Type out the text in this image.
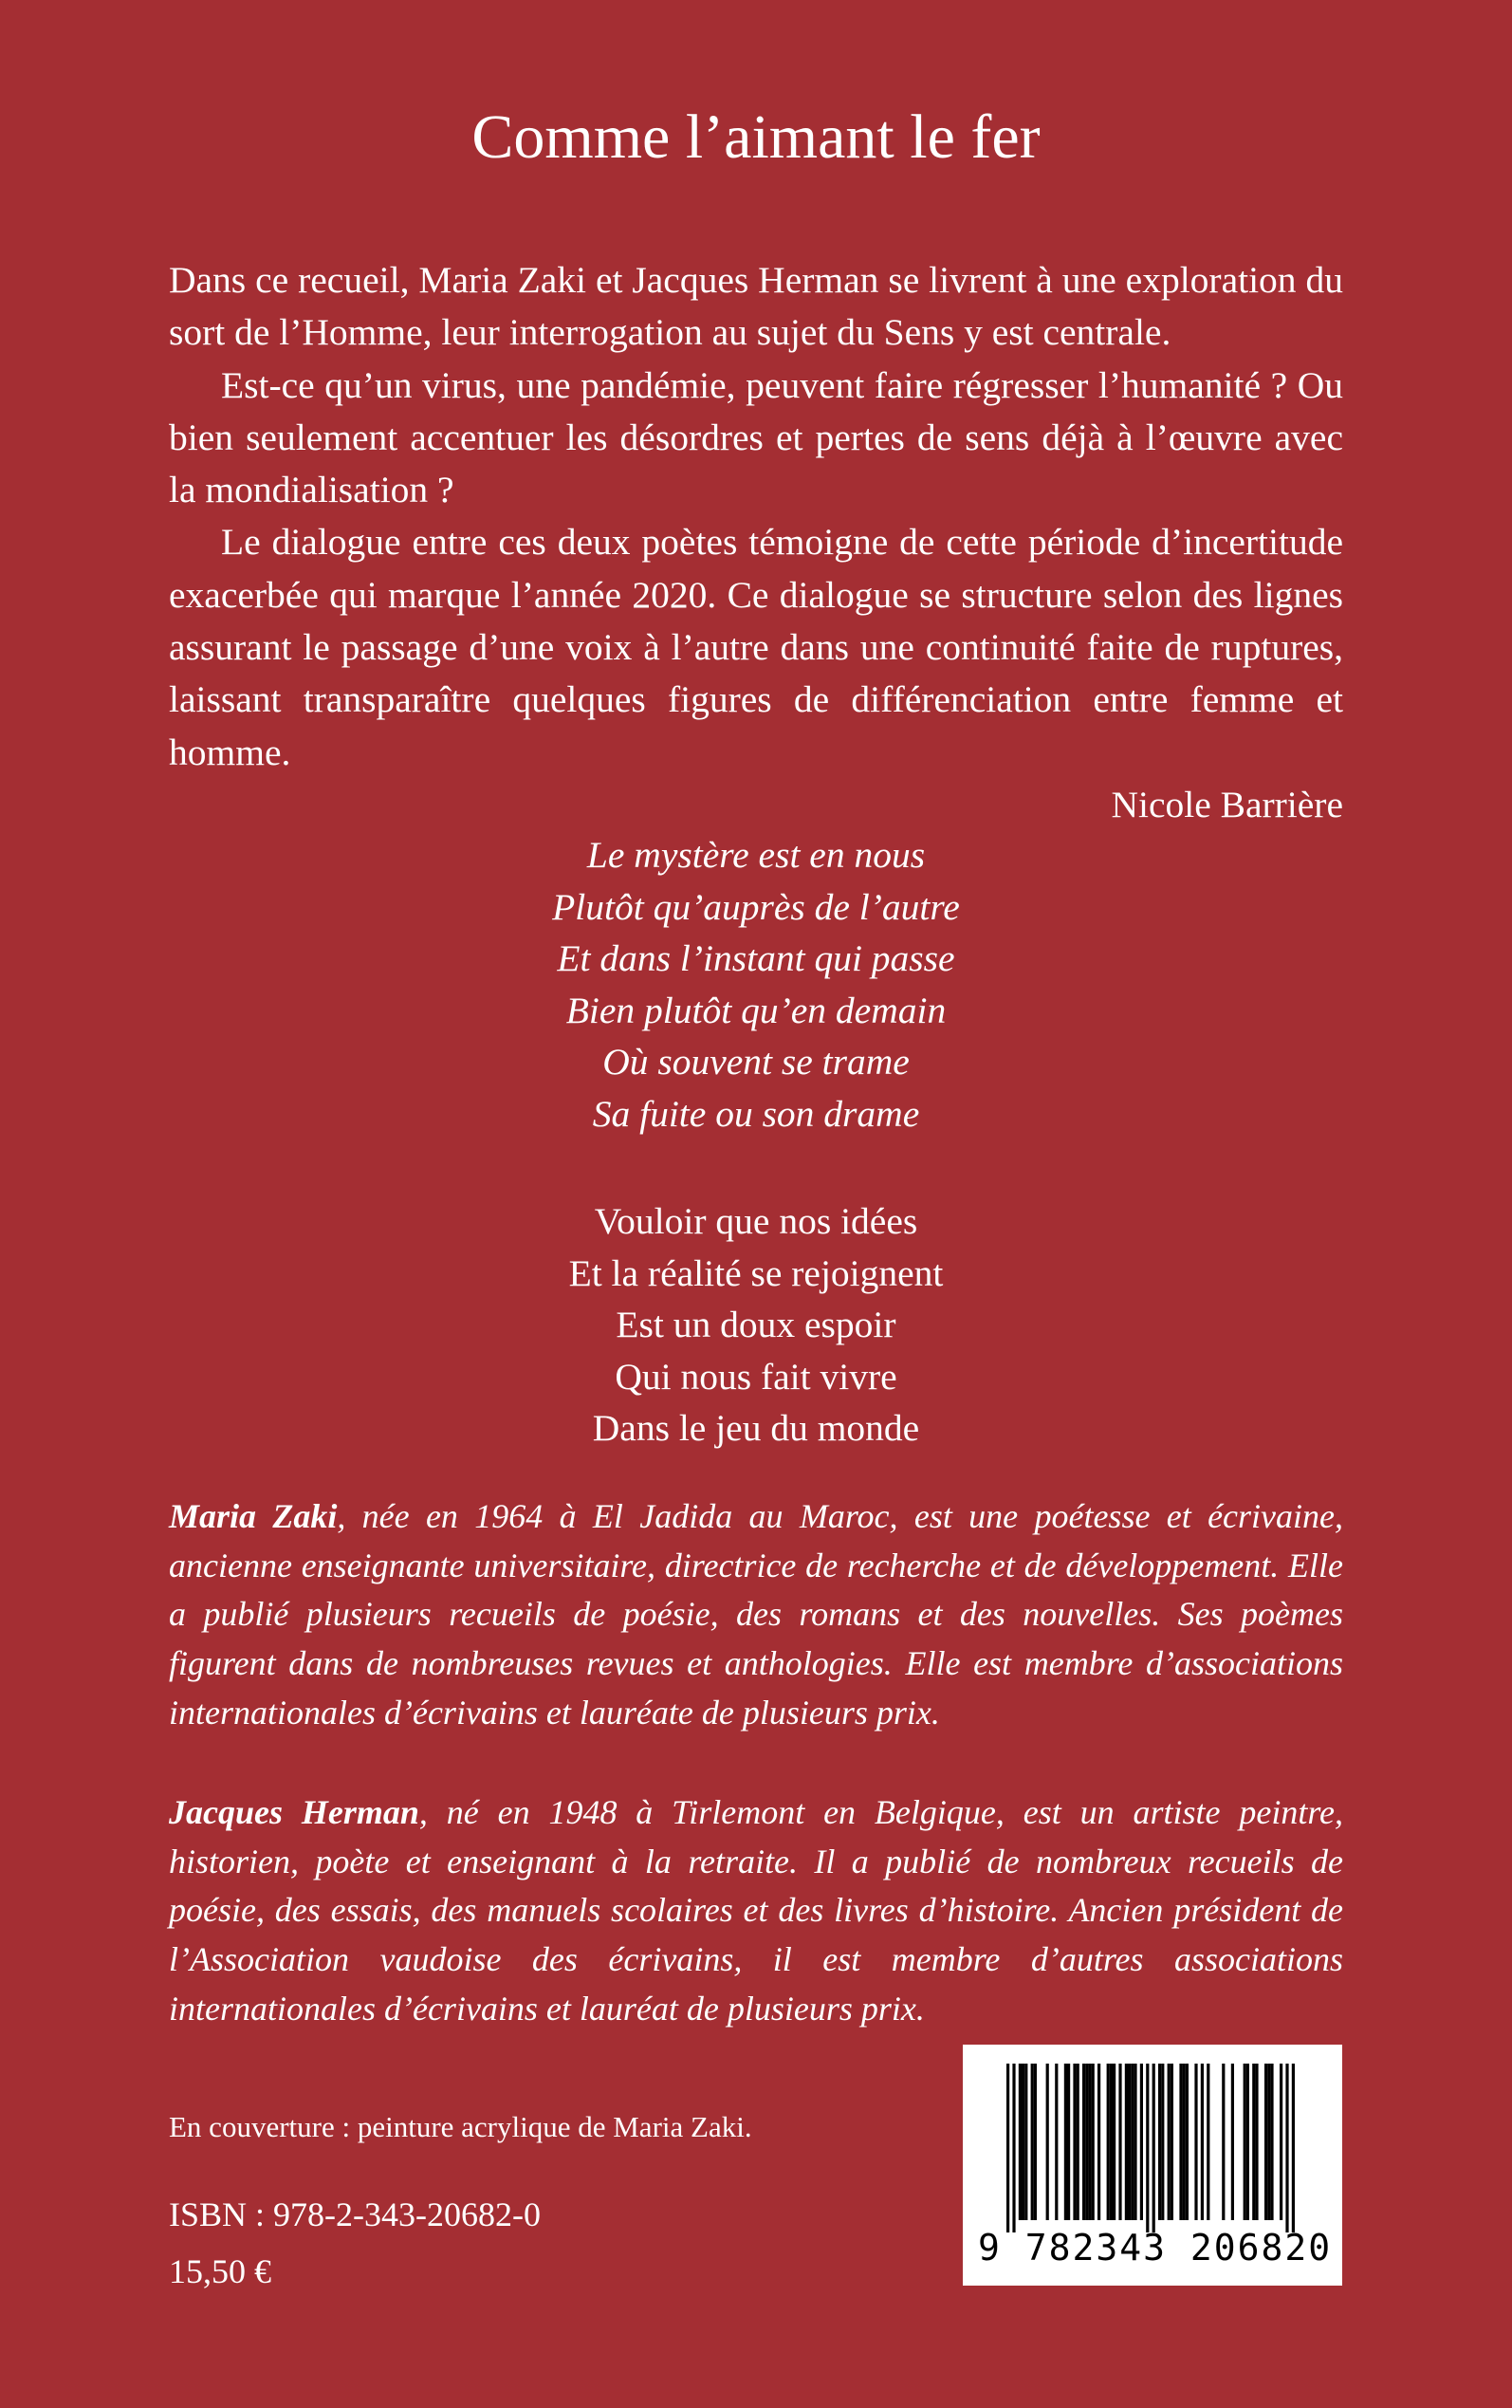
Comme l’aimant le fer

Dans ce recueil, Maria Zaki et Jacques Herman se livrent à une exploration du sort de l’Homme, leur interrogation au sujet du Sens y est centrale.

Est-ce qu’un virus, une pandémie, peuvent faire régresser l’humanité ? Ou bien seulement accentuer les désordres et pertes de sens déjà à l’œuvre avec la mondialisation ?

Le dialogue entre ces deux poètes témoigne de cette période d’incertitude exacerbée qui marque l’année 2020. Ce dialogue se structure selon des lignes assurant le passage d’une voix à l’autre dans une continuité faite de ruptures, laissant transparaître quelques figures de différenciation entre femme et homme.

Nicole Barrière

Le mystère est en nous
Plutôt qu’auprès de l’autre
Et dans l’instant qui passe
Bien plutôt qu’en demain
Où souvent se trame
Sa fuite ou son drame
Vouloir que nos idées
Et la réalité se rejoignent
Est un doux espoir
Qui nous fait vivre
Dans le jeu du monde

Maria Zaki, née en 1964 à El Jadida au Maroc, est une poétesse et écrivaine, ancienne enseignante universitaire, directrice de recherche et de développement. Elle a publié plusieurs recueils de poésie, des romans et des nouvelles. Ses poèmes figurent dans de nombreuses revues et anthologies. Elle est membre d’associations internationales d’écrivains et lauréate de plusieurs prix.

Jacques Herman, né en 1948 à Tirlemont en Belgique, est un artiste peintre, historien, poète et enseignant à la retraite. Il a publié de nombreux recueils de poésie, des essais, des manuels scolaires et des livres d’histoire. Ancien président de l’Association vaudoise des écrivains, il est membre d’autres associations internationales d’écrivains et lauréat de plusieurs prix.

En couverture : peinture acrylique de Maria Zaki.
ISBN : 978-2-343-20682-0
15,50 €
9 782343 206820
